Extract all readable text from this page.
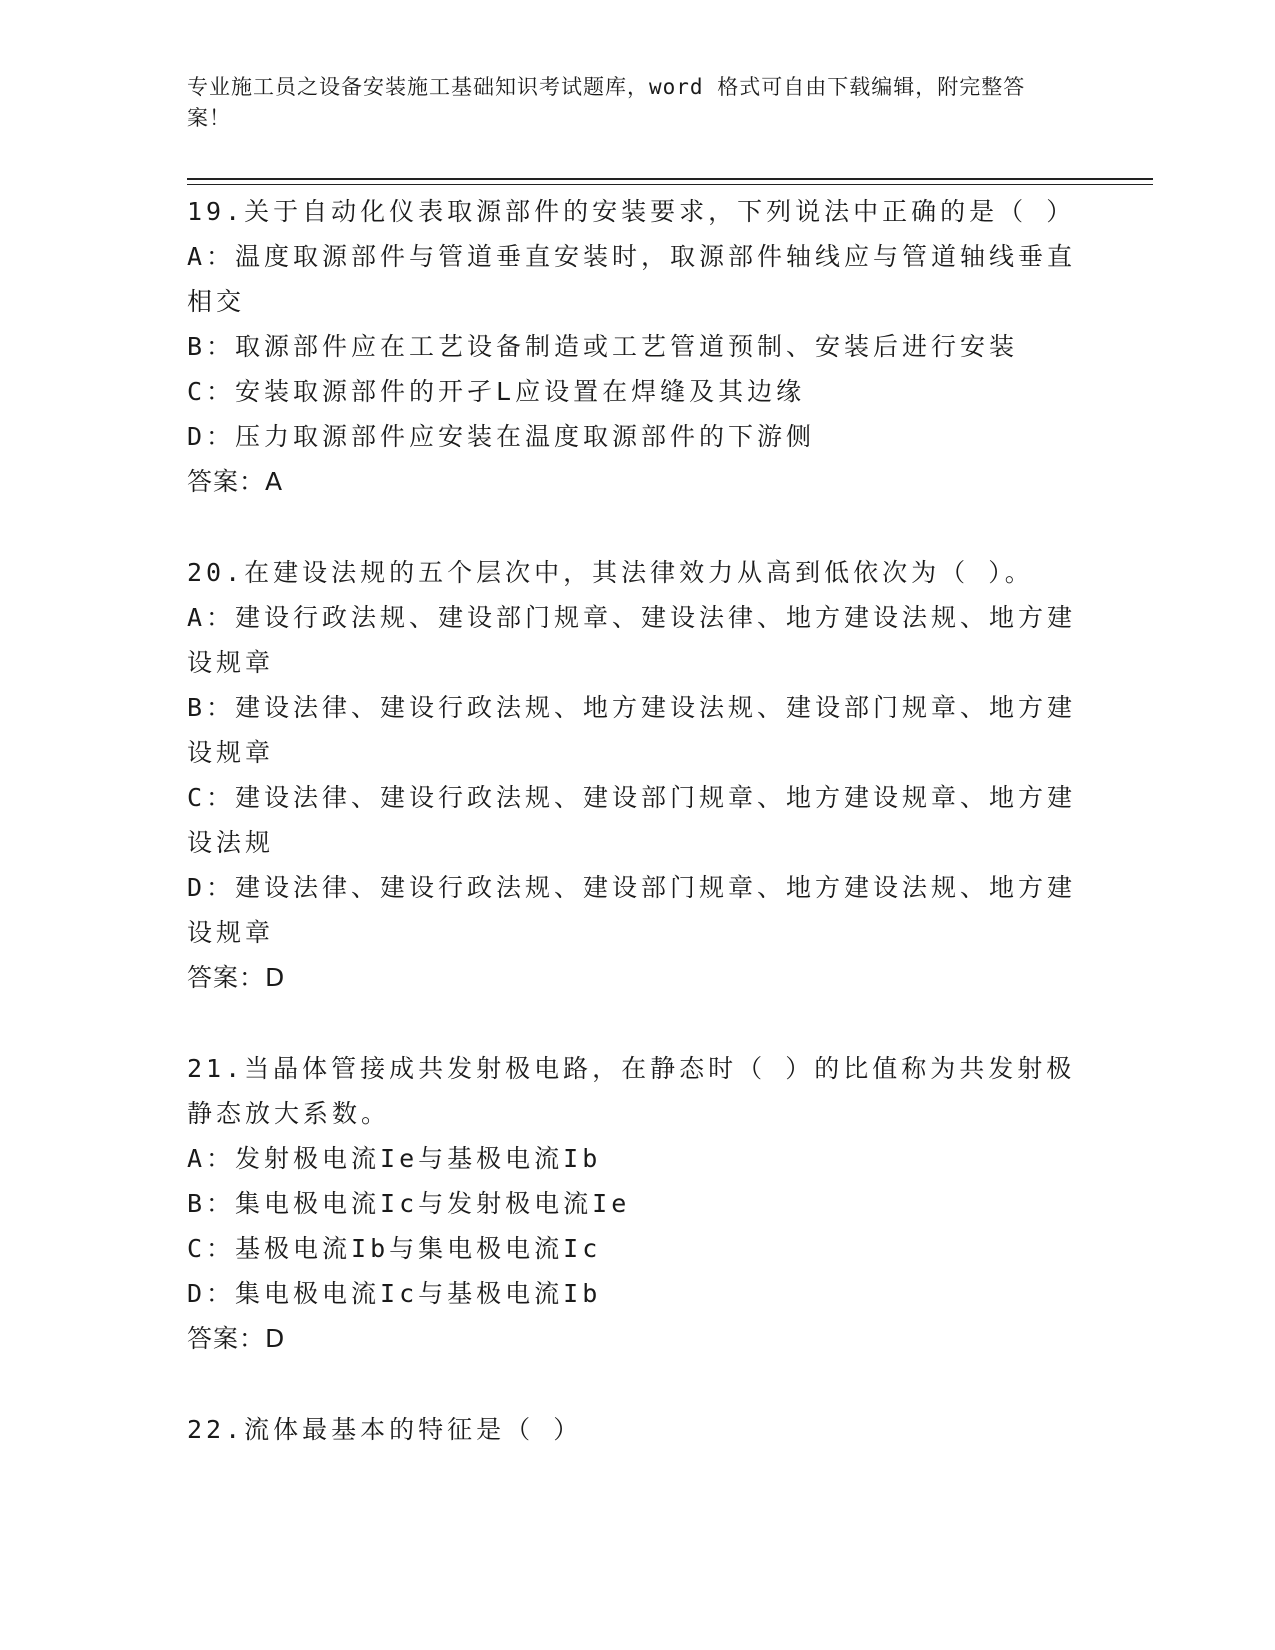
专业施工员之设备安装施工基础知识考试题库，word 格式可自由下载编辑，附完整答案！
19.关于自动化仪表取源部件的安装要求，下列说法中正确的是（ ）
A：温度取源部件与管道垂直安装时，取源部件轴线应与管道轴线垂直相交
B：取源部件应在工艺设备制造或工艺管道预制、安装后进行安装
C：安装取源部件的开孑L应设置在焊缝及其边缘
D：压力取源部件应安装在温度取源部件的下游侧
答案：A
20.在建设法规的五个层次中，其法律效力从高到低依次为（ ）。
A：建设行政法规、建设部门规章、建设法律、地方建设法规、地方建设规章
B：建设法律、建设行政法规、地方建设法规、建设部门规章、地方建设规章
C：建设法律、建设行政法规、建设部门规章、地方建设规章、地方建设法规
D：建设法律、建设行政法规、建设部门规章、地方建设法规、地方建设规章
答案：D
21.当晶体管接成共发射极电路，在静态时（ ）的比值称为共发射极静态放大系数。
A：发射极电流Ie与基极电流Ib
B：集电极电流Ic与发射极电流Ie
C：基极电流Ib与集电极电流Ic
D：集电极电流Ic与基极电流Ib
答案：D
22.流体最基本的特征是（ ）
